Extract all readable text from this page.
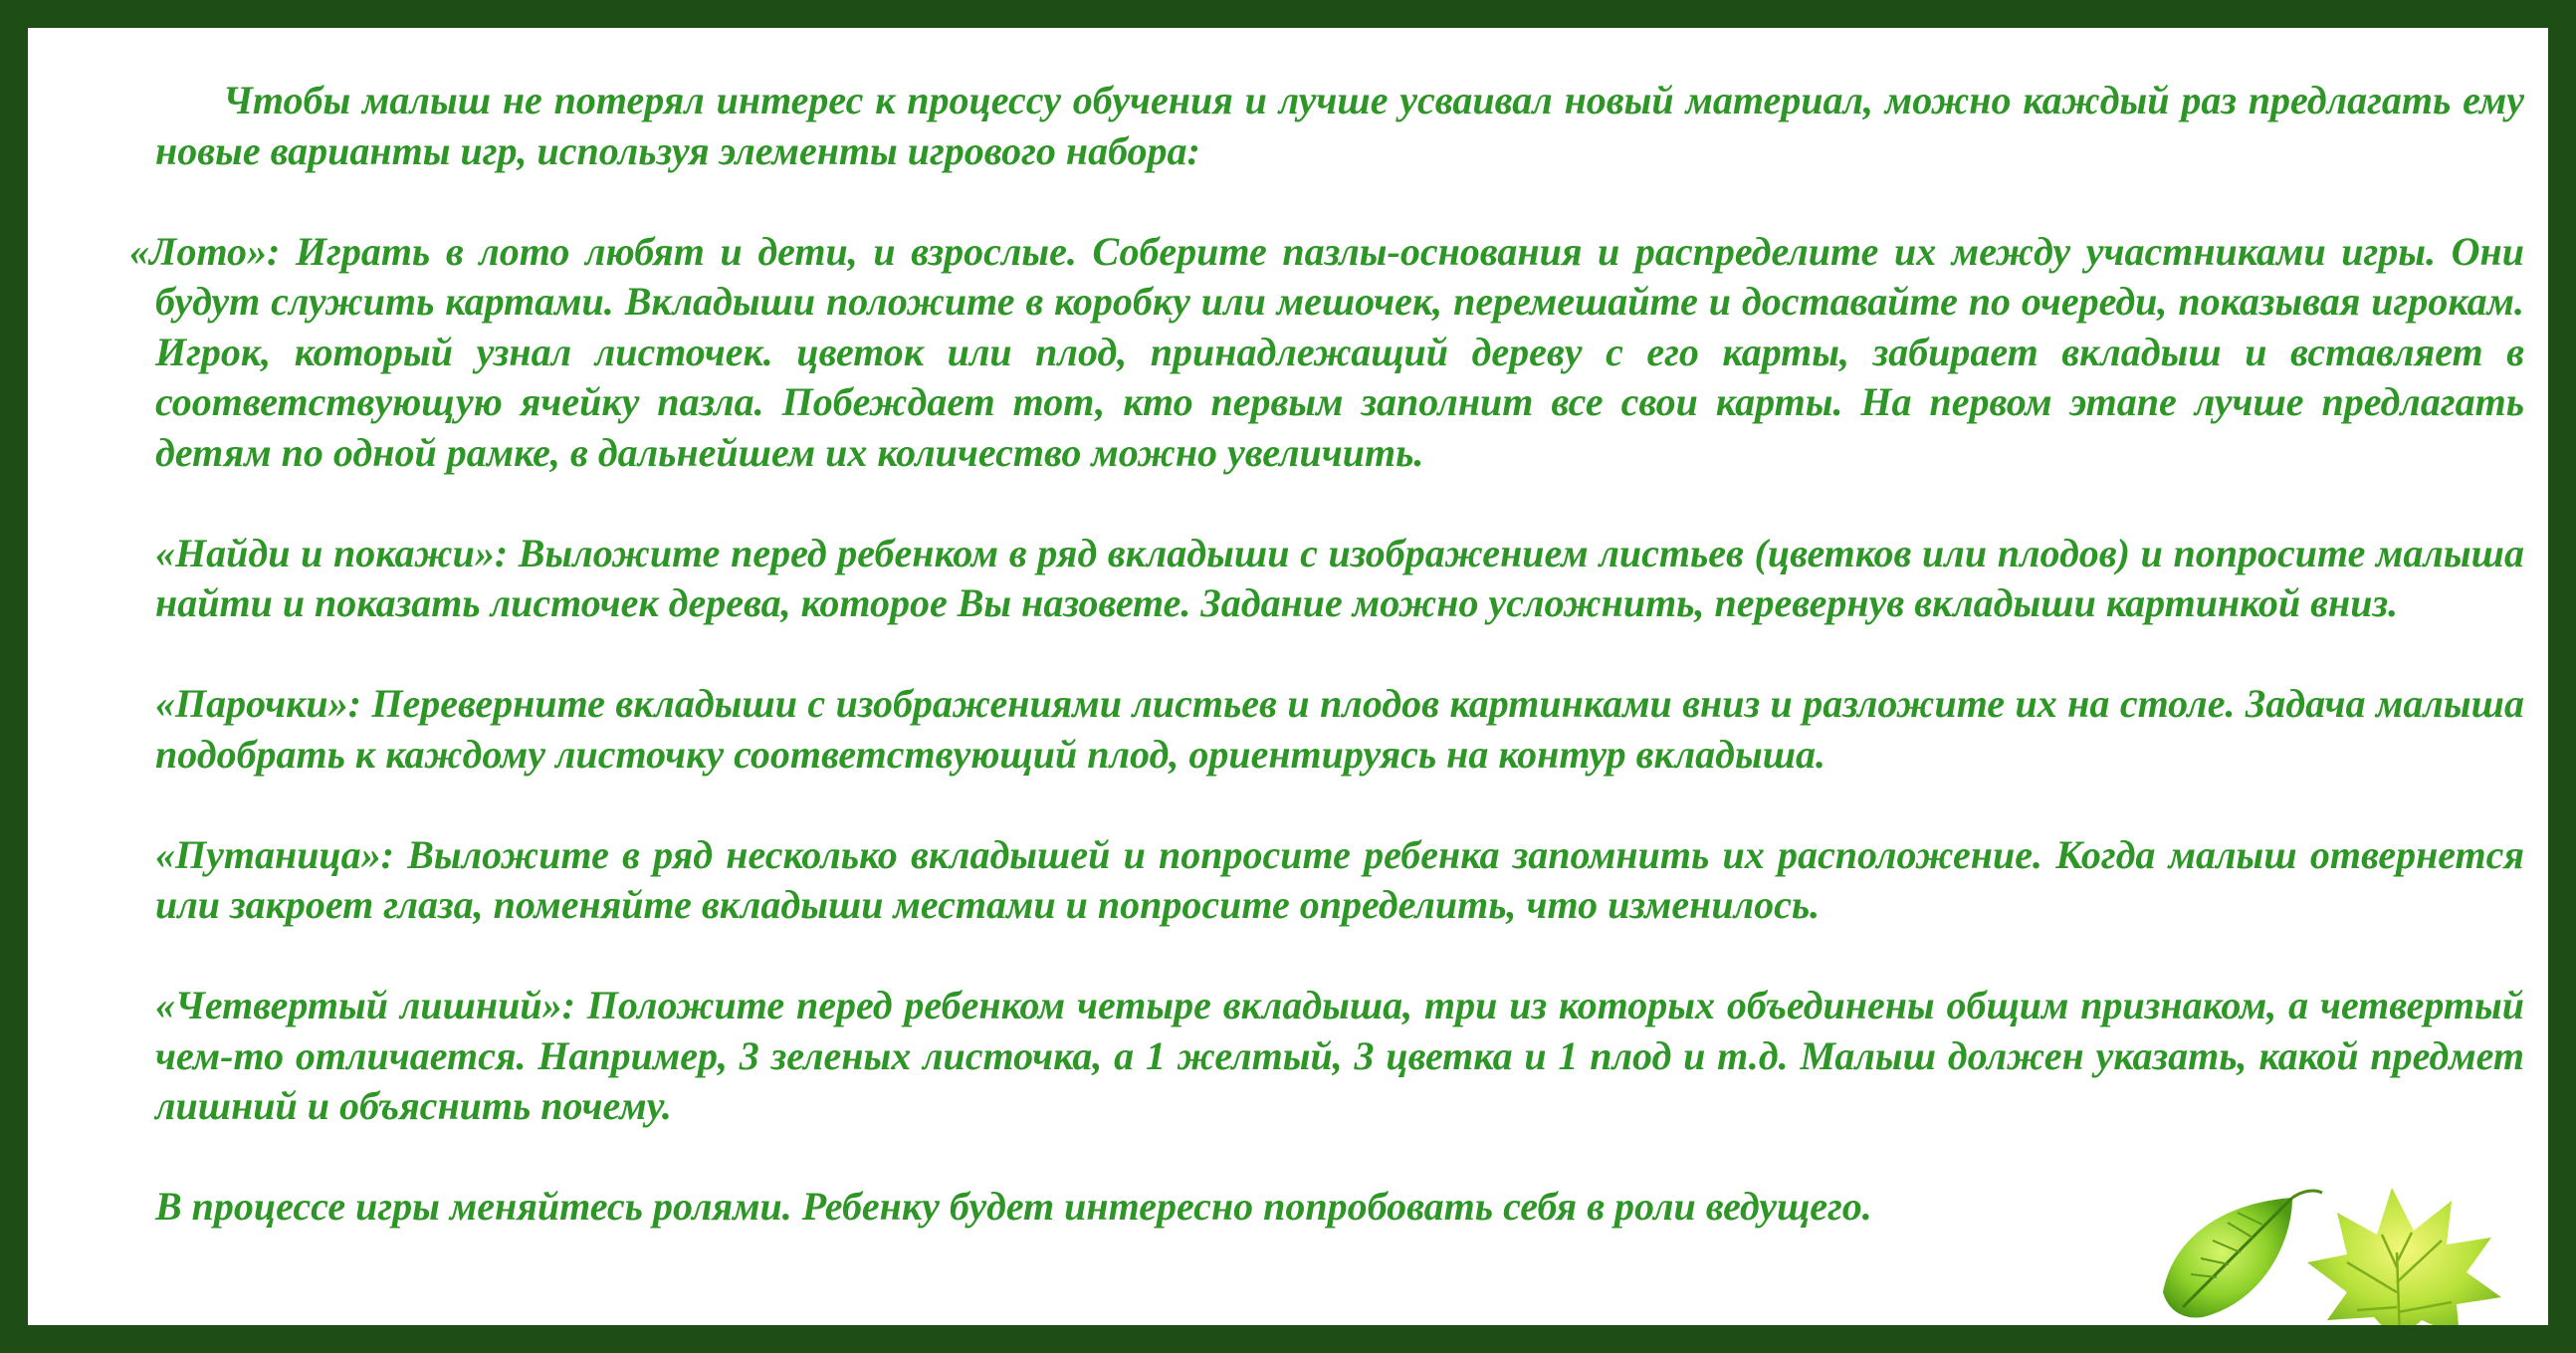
Чтобы малыш не потерял интерес к процессу обучения и лучше усваивал новый материал, можно каждый раз предлагать ему новые варианты игр, используя элементы игрового набора:

«Лото»: Играть в лото любят и дети, и взрослые. Соберите пазлы-основания и распределите их между участниками игры. Они будут служить картами. Вкладыши положите в коробку или мешочек, перемешайте и доставайте по очереди, показывая игрокам. Игрок, который узнал листочек. цветок или плод, принадлежащий дереву с его карты, забирает вкладыш и вставляет в соответствующую ячейку пазла. Побеждает тот, кто первым заполнит все свои карты. На первом этапе лучше предлагать детям по одной рамке, в дальнейшем их количество можно увеличить.

«Найди и покажи»: Выложите перед ребенком в ряд вкладыши с изображением листьев (цветков или плодов) и попросите малыша найти и показать листочек дерева, которое Вы назовете. Задание можно усложнить, перевернув вкладыши картинкой вниз.

«Парочки»: Переверните вкладыши с изображениями листьев и плодов картинками вниз и разложите их на столе. Задача малыша подобрать к каждому листочку соответствующий плод, ориентируясь на контур вкладыша.

«Путаница»: Выложите в ряд несколько вкладышей и попросите ребенка запомнить их расположение. Когда малыш отвернется или закроет глаза, поменяйте вкладыши местами и попросите определить, что изменилось.

«Четвертый лишний»: Положите перед ребенком четыре вкладыша, три из которых объединены общим признаком, а четвертый чем-то отличается. Например, 3 зеленых листочка, а 1 желтый, 3 цветка и 1 плод и т.д. Малыш должен указать, какой предмет лишний и объяснить почему.

В процессе игры меняйтесь ролями. Ребенку будет интересно попробовать себя в роли ведущего.
